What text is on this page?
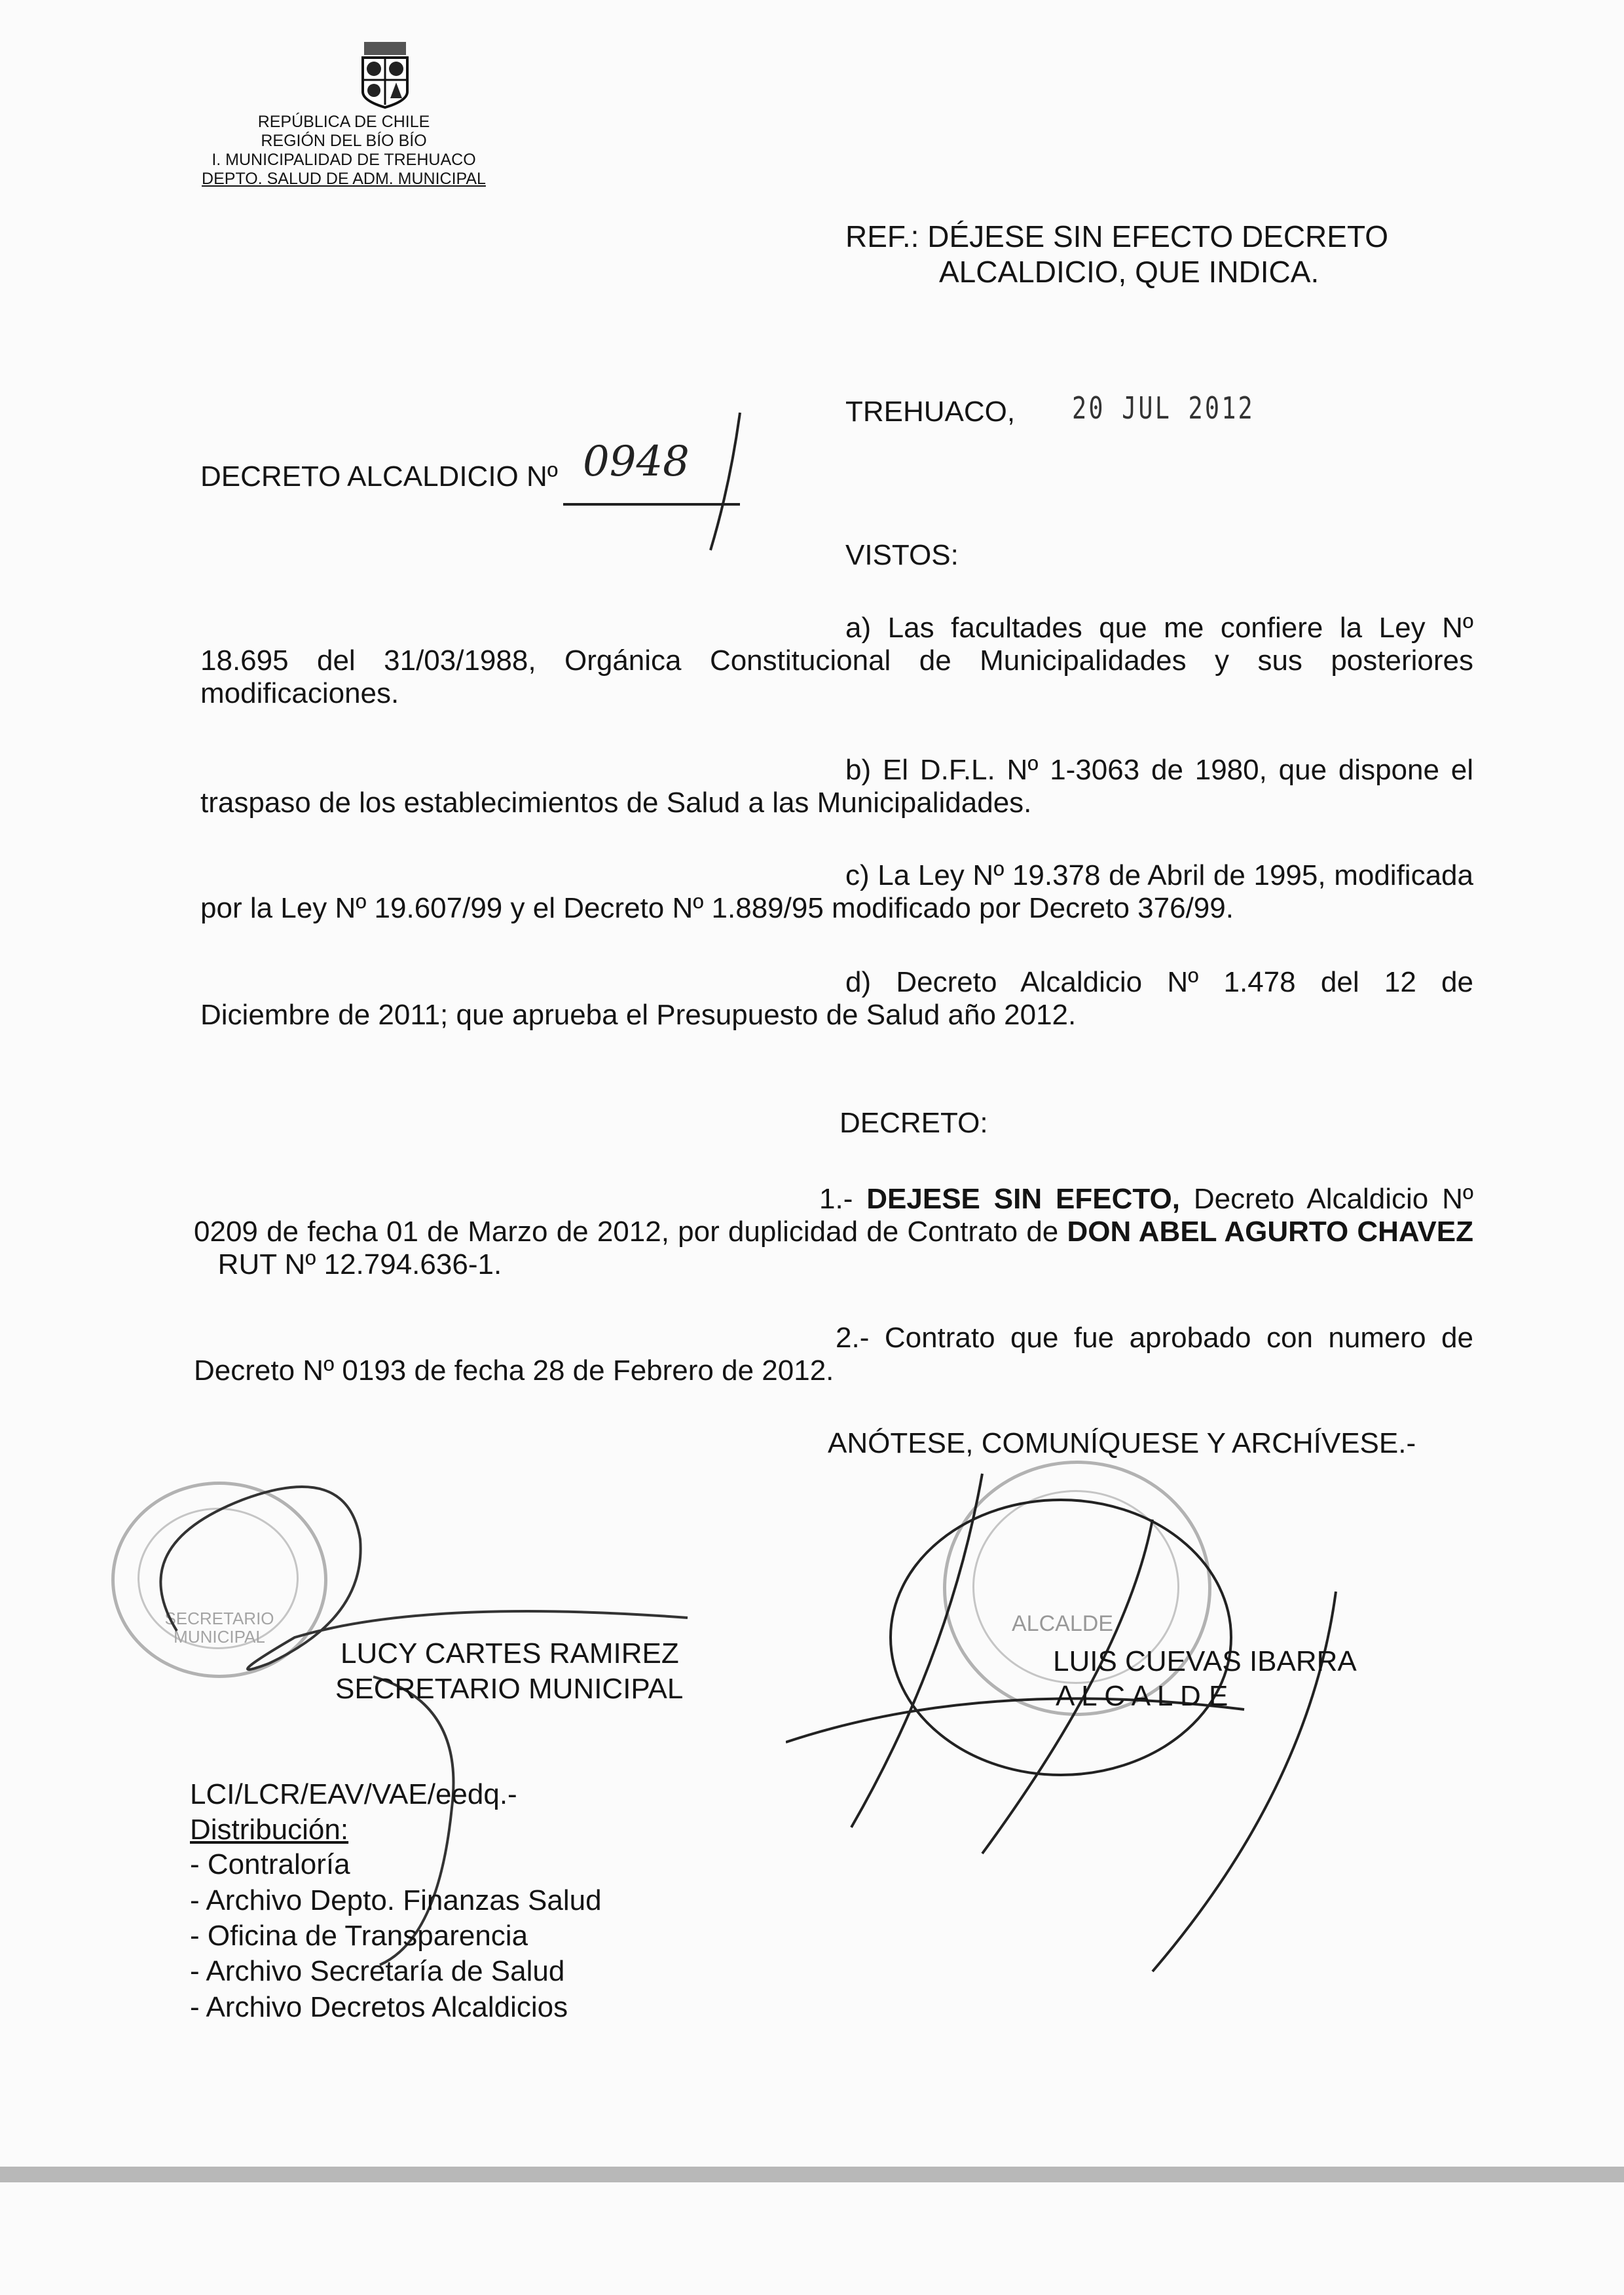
REPÚBLICA DE CHILE
REGIÓN DEL BÍO BÍO
I. MUNICIPALIDAD DE TREHUACO
DEPTO. SALUD DE ADM. MUNICIPAL
REF.: DÉJESE SIN EFECTO DECRETO
ALCALDICIO, QUE INDICA.
TREHUACO, 20 JUL 2012
DECRETO ALCALDICIO Nº 0948
VISTOS:
a) Las facultades que me confiere la Ley Nº 18.695 del 31/03/1988, Orgánica Constitucional de Municipalidades y sus posteriores modificaciones.
b) El D.F.L. Nº 1-3063 de 1980, que dispone el traspaso de los establecimientos de Salud a las Municipalidades.
c) La Ley Nº 19.378 de Abril de 1995, modificada por la Ley Nº 19.607/99 y el Decreto Nº 1.889/95 modificado por Decreto 376/99.
d) Decreto Alcaldicio Nº 1.478 del 12 de Diciembre de 2011; que aprueba el Presupuesto de Salud año 2012.
DECRETO:
1.- DEJESE SIN EFECTO, Decreto Alcaldicio Nº 0209 de fecha 01 de Marzo de 2012, por duplicidad de Contrato de DON ABEL AGURTO CHAVEZ   RUT Nº 12.794.636-1.
2.- Contrato que fue aprobado con numero de Decreto Nº 0193 de fecha 28 de Febrero de 2012.
ANÓTESE, COMUNÍQUESE Y ARCHÍVESE.-
SECRETARIO
MUNICIPAL
ALCALDE
LUCY CARTES RAMIREZ
SECRETARIO MUNICIPAL
LUIS CUEVAS IBARRA
A L C A L D E
LCI/LCR/EAV/VAE/eedq.-
Distribución:
- Contraloría
- Archivo Depto. Finanzas Salud
- Oficina de Transparencia
- Archivo Secretaría de Salud
- Archivo Decretos Alcaldicios
